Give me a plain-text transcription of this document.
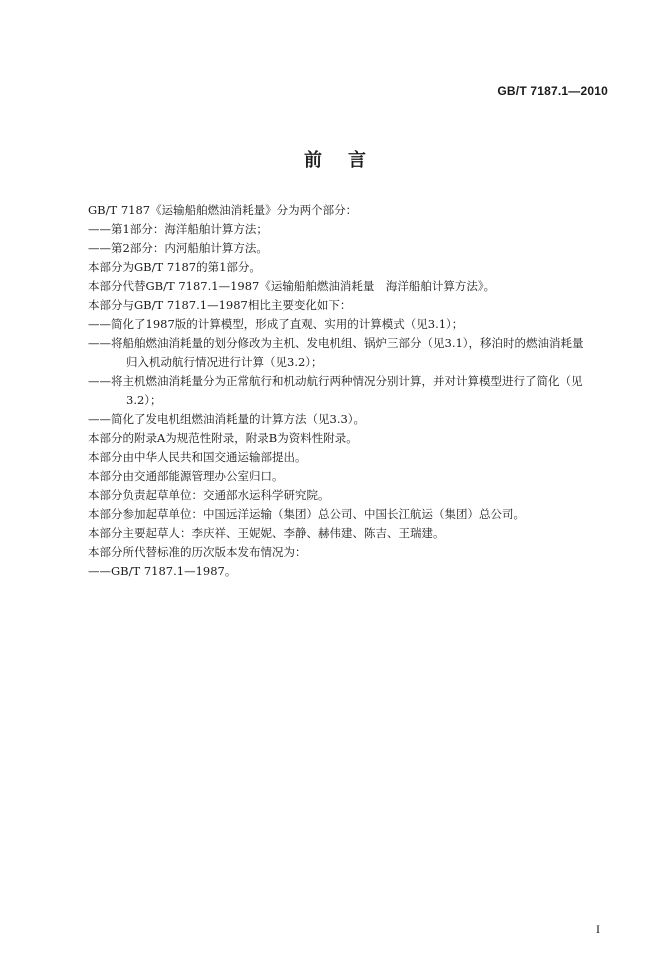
GB/T 7187.1—2010
前言
GB/T 7187《运输船舶燃油消耗量》分为两个部分：
——第1部分：海洋船舶计算方法；
——第2部分：内河船舶计算方法。
本部分为GB/T 7187的第1部分。
本部分代替GB/T 7187.1—1987《运输船舶燃油消耗量　海洋船舶计算方法》。
本部分与GB/T 7187.1—1987相比主要变化如下：
——简化了1987版的计算模型，形成了直观、实用的计算模式（见3.1）；
——将船舶燃油消耗量的划分修改为主机、发电机组、锅炉三部分（见3.1），移泊时的燃油消耗量
归入机动航行情况进行计算（见3.2）；
——将主机燃油消耗量分为正常航行和机动航行两种情况分别计算，并对计算模型进行了简化（见
3.2）；
——简化了发电机组燃油消耗量的计算方法（见3.3）。
本部分的附录A为规范性附录，附录B为资料性附录。
本部分由中华人民共和国交通运输部提出。
本部分由交通部能源管理办公室归口。
本部分负责起草单位：交通部水运科学研究院。
本部分参加起草单位：中国远洋运输（集团）总公司、中国长江航运（集团）总公司。
本部分主要起草人：李庆祥、王妮妮、李静、赫伟建、陈吉、王瑞建。
本部分所代替标准的历次版本发布情况为：
——GB/T 7187.1—1987。
I
